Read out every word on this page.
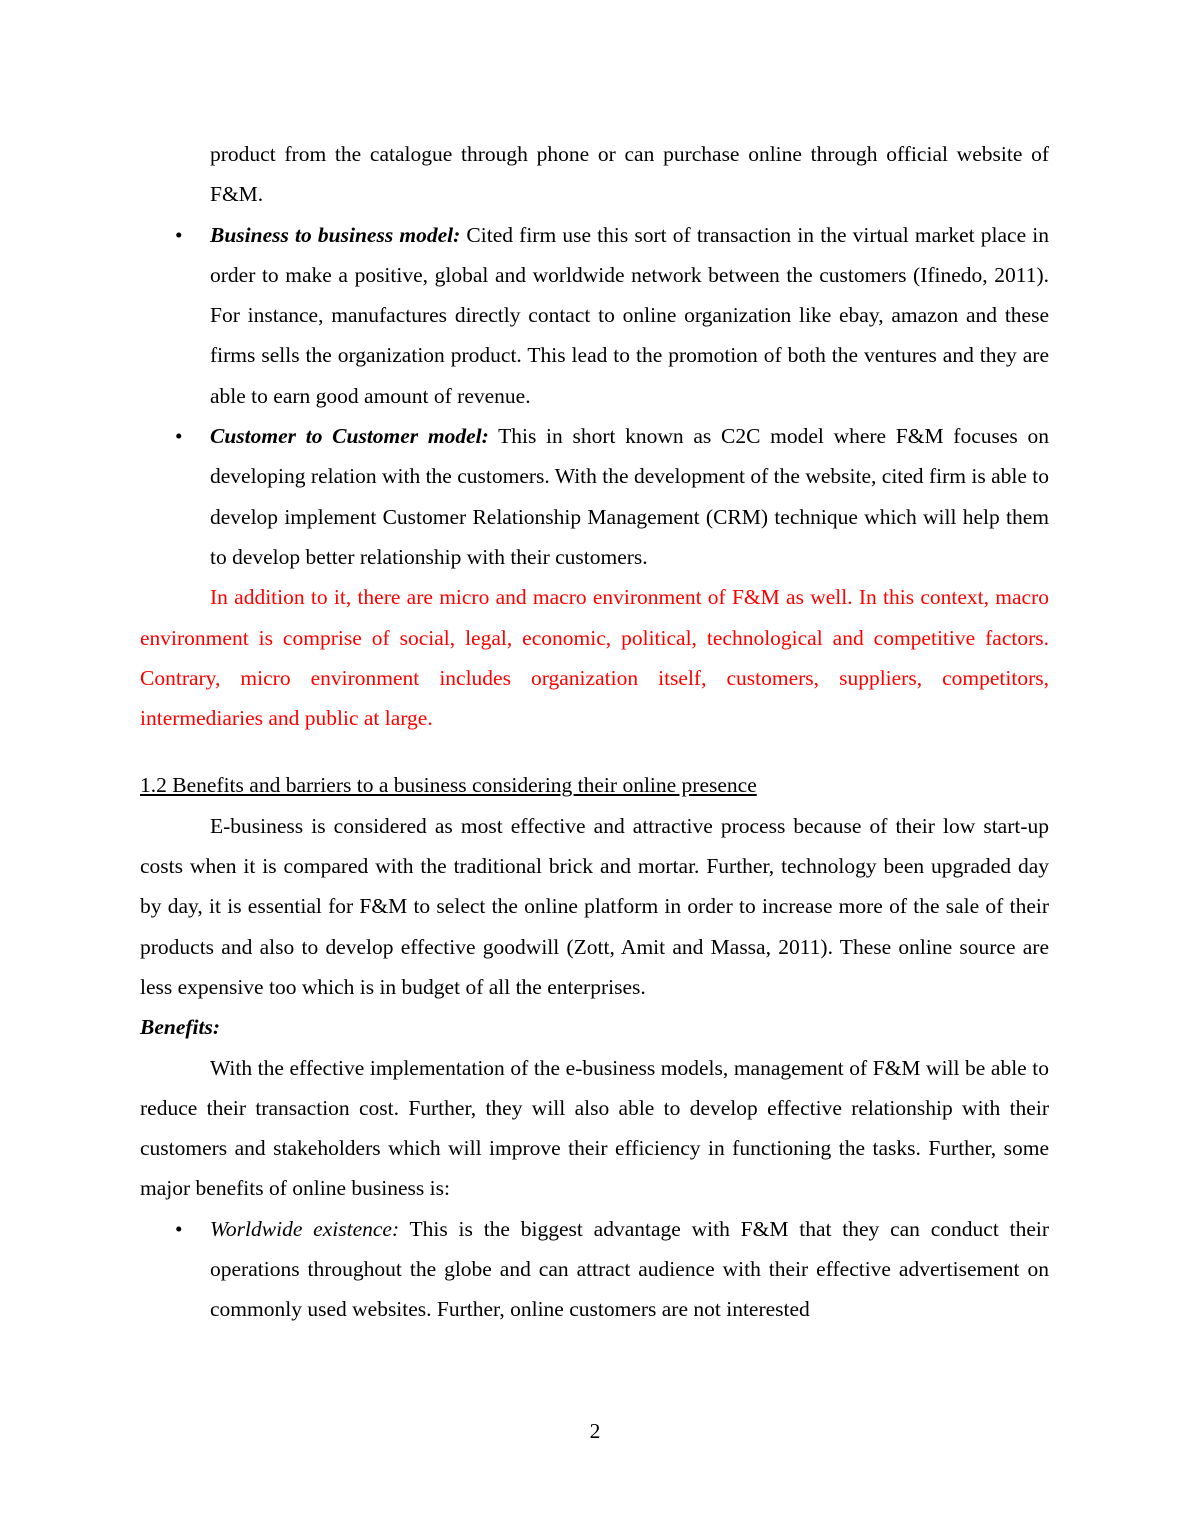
product from the catalogue through phone or can purchase online through official website of F&M.

•	Business to business model: Cited firm use this sort of transaction in the virtual market place in order to make a positive, global and worldwide network between the customers (Ifinedo, 2011). For instance, manufactures directly contact to online organization like ebay, amazon and these firms sells the organization product. This lead to the promotion of both the ventures and they are able to earn good amount of revenue.
•	Customer to Customer model: This in short known as C2C model where F&M focuses on developing relation with the customers. With the development of the website, cited firm is able to develop implement Customer Relationship Management (CRM) technique which will help them to develop better relationship with their customers.

In addition to it, there are micro and macro environment of F&M as well. In this context, macro environment is comprise of social, legal, economic, political, technological and competitive factors. Contrary, micro environment includes organization itself, customers, suppliers, competitors, intermediaries and public at large.

1.2 Benefits and barriers to a business considering their online presence

E-business is considered as most effective and attractive process because of their low start-up costs when it is compared with the traditional brick and mortar. Further, technology been upgraded day by day, it is essential for F&M to select the online platform in order to increase more of the sale of their products and also to develop effective goodwill (Zott, Amit and Massa, 2011). These online source are less expensive too which is in budget of all the enterprises.

Benefits:

With the effective implementation of the e-business models, management of F&M will be able to reduce their transaction cost. Further, they will also able to develop effective relationship with their customers and stakeholders which will improve their efficiency in functioning the tasks. Further, some major benefits of online business is:

•	Worldwide existence: This is the biggest advantage with F&M that they can conduct their operations throughout the globe and can attract audience with their effective advertisement on commonly used websites. Further, online customers are not interested
2
